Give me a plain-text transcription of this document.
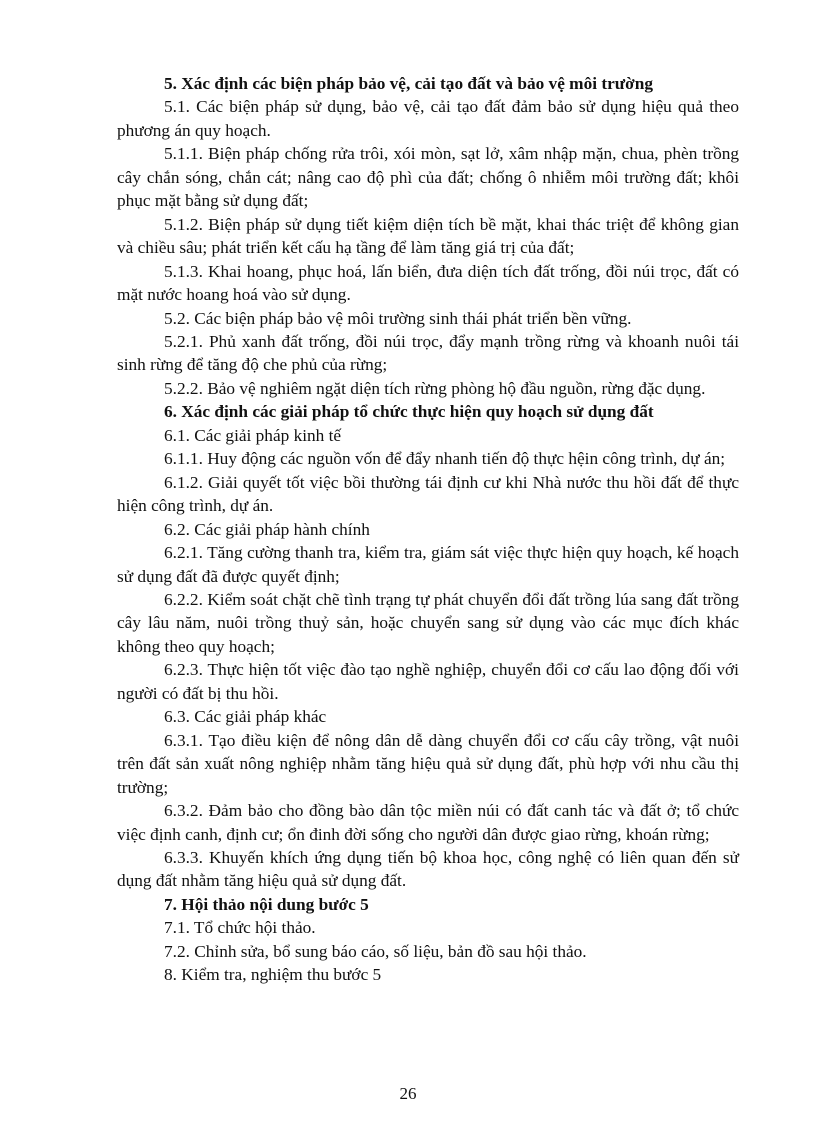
5. Xác định các biện pháp bảo vệ, cải tạo đất và bảo vệ môi trường

5.1. Các biện pháp sử dụng, bảo vệ, cải tạo đất đảm bảo sử dụng hiệu quả theo phương án quy hoạch.

5.1.1. Biện pháp chống rửa trôi, xói mòn, sạt lở, xâm nhập mặn, chua, phèn trồng cây chắn sóng, chắn cát; nâng cao độ phì của đất; chống ô nhiễm môi trường đất; khôi phục mặt bằng sử dụng đất;

5.1.2. Biện pháp sử dụng tiết kiệm diện tích bề mặt, khai thác triệt để không gian và chiều sâu; phát triển kết cấu hạ tầng để làm tăng giá trị của đất;

5.1.3. Khai hoang, phục hoá, lấn biển, đưa diện tích đất trống, đồi núi trọc, đất có mặt nước hoang hoá vào sử dụng.

5.2. Các biện pháp bảo vệ môi trường sinh thái phát triển bền vững.

5.2.1. Phủ xanh đất trống, đồi núi trọc, đẩy mạnh trồng rừng và khoanh nuôi tái sinh rừng để tăng độ che phủ của rừng;

5.2.2. Bảo vệ nghiêm ngặt diện tích rừng phòng hộ đầu nguồn, rừng đặc dụng.

6. Xác định các giải pháp tổ chức thực hiện quy hoạch sử dụng đất

6.1. Các giải pháp kinh tế

6.1.1. Huy động các nguồn vốn để đẩy nhanh tiến độ thực hệin công trình, dự án;

6.1.2. Giải quyết tốt việc bồi thường tái định cư khi Nhà nước thu hồi đất để thực hiện công trình, dự án.

6.2. Các giải pháp hành chính

6.2.1. Tăng cường thanh tra, kiểm tra, giám sát việc thực hiện quy hoạch, kế hoạch sử dụng đất đã được quyết định;

6.2.2. Kiểm soát chặt chẽ tình trạng tự phát chuyển đổi đất trồng lúa sang đất trồng cây lâu năm, nuôi trồng thuỷ sản, hoặc chuyển sang sử dụng vào các mục đích khác không theo quy hoạch;

6.2.3. Thực hiện tốt việc đào tạo nghề nghiệp, chuyển đổi cơ cấu lao động đối với người có đất bị thu hồi.

6.3. Các giải pháp khác

6.3.1. Tạo điều kiện để nông dân dễ dàng chuyển đổi cơ cấu cây trồng, vật nuôi trên đất sản xuất nông nghiệp nhằm tăng hiệu quả sử dụng đất, phù hợp với nhu cầu thị trường;

6.3.2. Đảm bảo cho đồng bào dân tộc miền núi có đất canh tác và đất ở; tổ chức việc định canh, định cư; ổn đinh đời sống cho người dân được giao rừng, khoán rừng;

6.3.3. Khuyến khích ứng dụng tiến bộ khoa học, công nghệ có liên quan đến sử dụng đất nhằm tăng hiệu quả sử dụng đất.

7. Hội thảo nội dung bước 5

7.1. Tổ chức hội thảo.

7.2. Chỉnh sửa, bổ sung báo cáo, số liệu, bản đồ sau hội thảo.

8. Kiểm tra, nghiệm thu bước 5

26
